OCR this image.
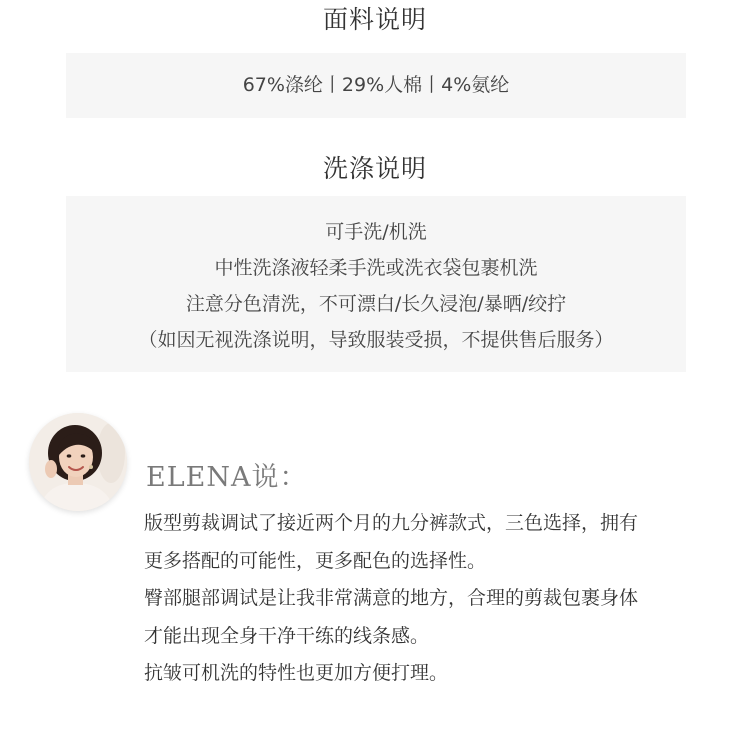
面料说明
67%涤纶丨29%人棉丨4%氨纶
洗涤说明
可手洗/机洗
中性洗涤液轻柔手洗或洗衣袋包裹机洗
注意分色清洗，不可漂白/长久浸泡/暴晒/绞拧
（如因无视洗涤说明，导致服装受损，不提供售后服务）
ELENA说：

版型剪裁调试了接近两个月的九分裤款式，三色选择，拥有

更多搭配的可能性，更多配色的选择性。

臀部腿部调试是让我非常满意的地方，合理的剪裁包裹身体

才能出现全身干净干练的线条感。

抗皱可机洗的特性也更加方便打理。
